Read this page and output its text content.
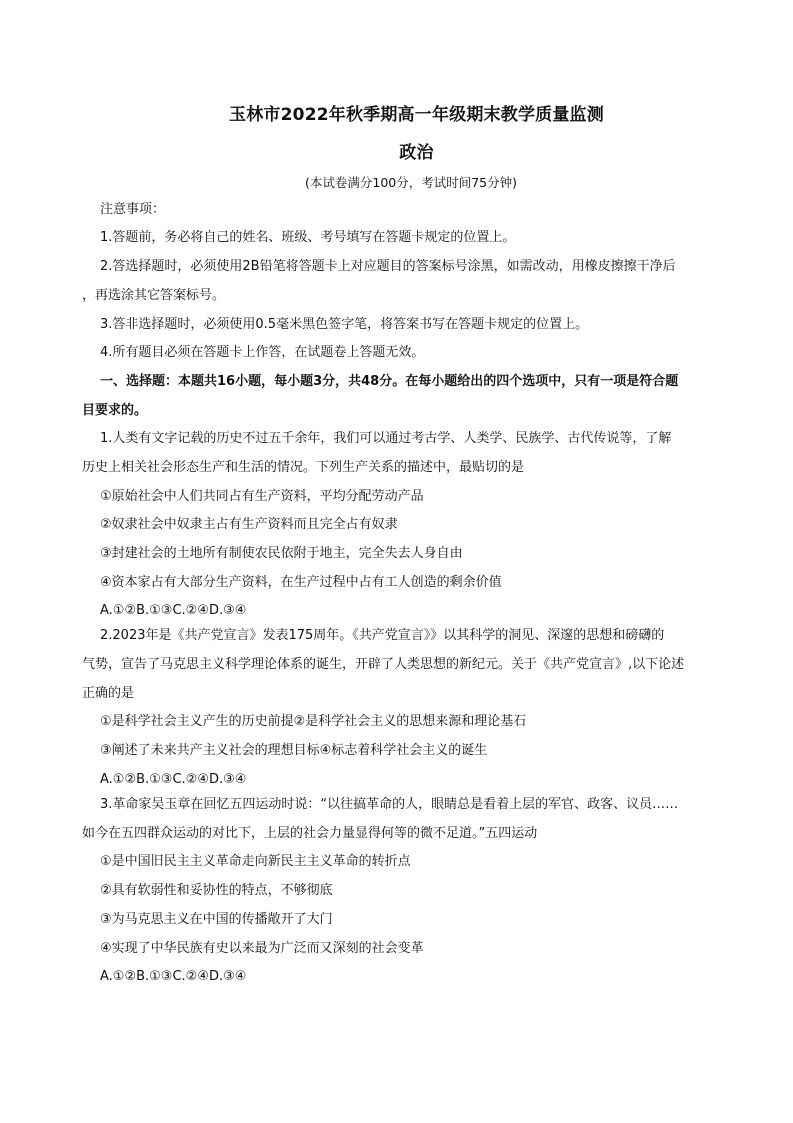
玉林市2022年秋季期高一年级期末教学质量监测
政治
(本试卷满分100分，考试时间75分钟)
注意事项：
1.答题前，务必将自己的姓名、班级、考号填写在答题卡规定的位置上。
2.答选择题时，必须使用2B铅笔将答题卡上对应题目的答案标号涂黑，如需改动，用橡皮擦擦干净后
，再选涂其它答案标号。
3.答非选择题时，必须使用0.5毫米黑色签字笔，将答案书写在答题卡规定的位置上。
4.所有题目必须在答题卡上作答，在试题卷上答题无效。
一、选择题：本题共16小题，每小题3分，共48分。在每小题给出的四个选项中，只有一项是符合题
目要求的。
1.人类有文字记载的历史不过五千余年，我们可以通过考古学、人类学、民族学、古代传说等，了解
历史上相关社会形态生产和生活的情况。下列生产关系的描述中，最贴切的是
①原始社会中人们共同占有生产资料，平均分配劳动产品
②奴隶社会中奴隶主占有生产资料而且完全占有奴隶
③封建社会的土地所有制使农民依附于地主，完全失去人身自由
④资本家占有大部分生产资料，在生产过程中占有工人创造的剩余价值
A.①②B.①③C.②④D.③④
2.2023年是《共产党宣言》发表175周年。《共产党宣言》》以其科学的洞见、深邃的思想和磅礴的
气势，宣告了马克思主义科学理论体系的诞生，开辟了人类思想的新纪元。关于《共产党宣言》,以下论述
正确的是
①是科学社会主义产生的历史前提②是科学社会主义的思想来源和理论基石
③阐述了未来共产主义社会的理想目标④标志着科学社会主义的诞生
A.①②B.①③C.②④D.③④
3.革命家吴玉章在回忆五四运动时说：“以往搞革命的人，眼睛总是看着上层的军官、政客、议员……
如今在五四群众运动的对比下，上层的社会力量显得何等的微不足道。”五四运动
①是中国旧民主主义革命走向新民主主义革命的转折点
②具有软弱性和妥协性的特点，不够彻底
③为马克思主义在中国的传播敞开了大门
④实现了中华民族有史以来最为广泛而又深刻的社会变革
A.①②B.①③C.②④D.③④
